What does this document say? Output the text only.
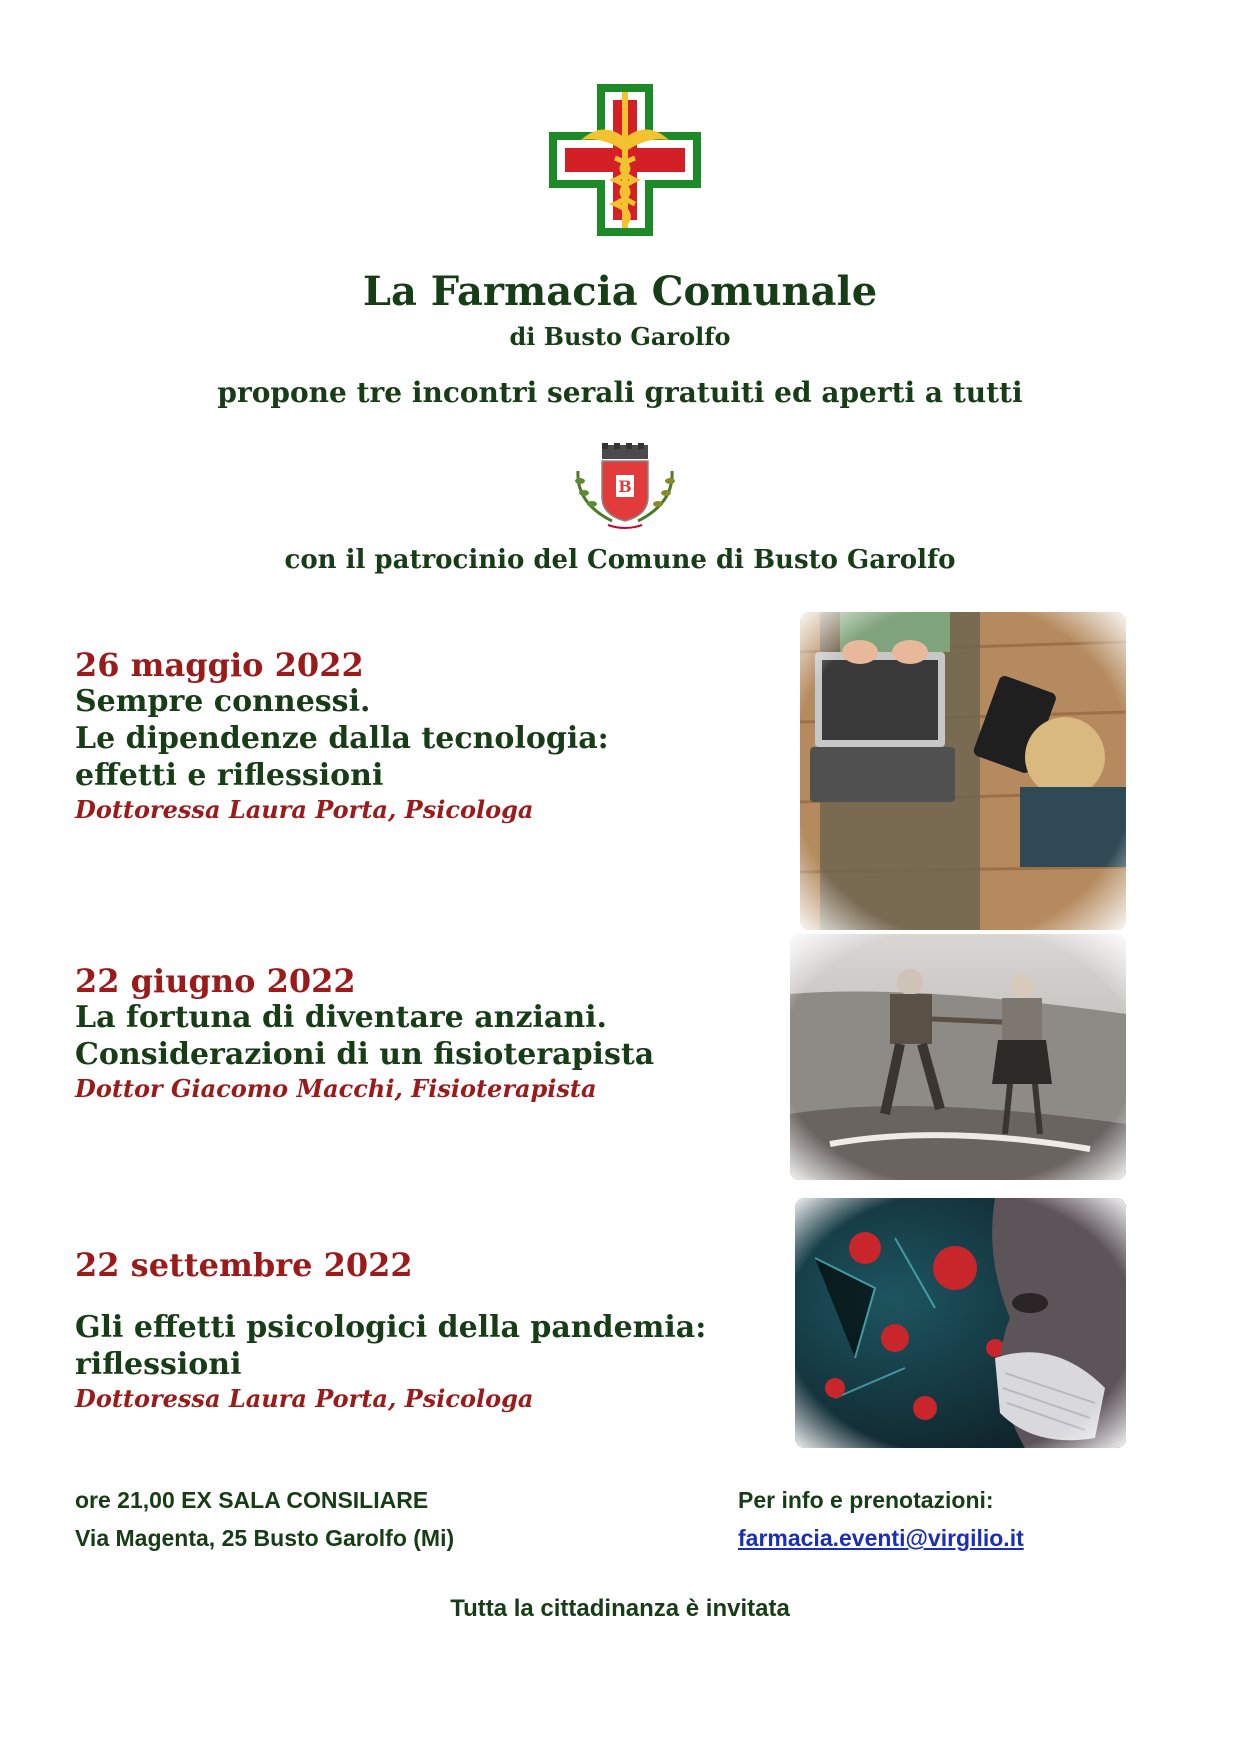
La Farmacia Comunale
di Busto Garolfo
propone tre incontri serali gratuiti ed aperti a tutti
B
con il patrocinio del Comune di Busto Garolfo
26 maggio 2022
Sempre connessi.
Le dipendenze dalla tecnologia:
effetti e riflessioni
Dottoressa Laura Porta, Psicologa
22 giugno 2022
La fortuna di diventare anziani.
Considerazioni di un fisioterapista
Dottor Giacomo Macchi, Fisioterapista
22 settembre 2022
Gli effetti psicologici della pandemia:
riflessioni
Dottoressa Laura Porta, Psicologa
ore 21,00 EX SALA CONSILIARE
Via Magenta, 25 Busto Garolfo (Mi)
Per info e prenotazioni:
farmacia.eventi@virgilio.it
Tutta la cittadinanza è invitata
